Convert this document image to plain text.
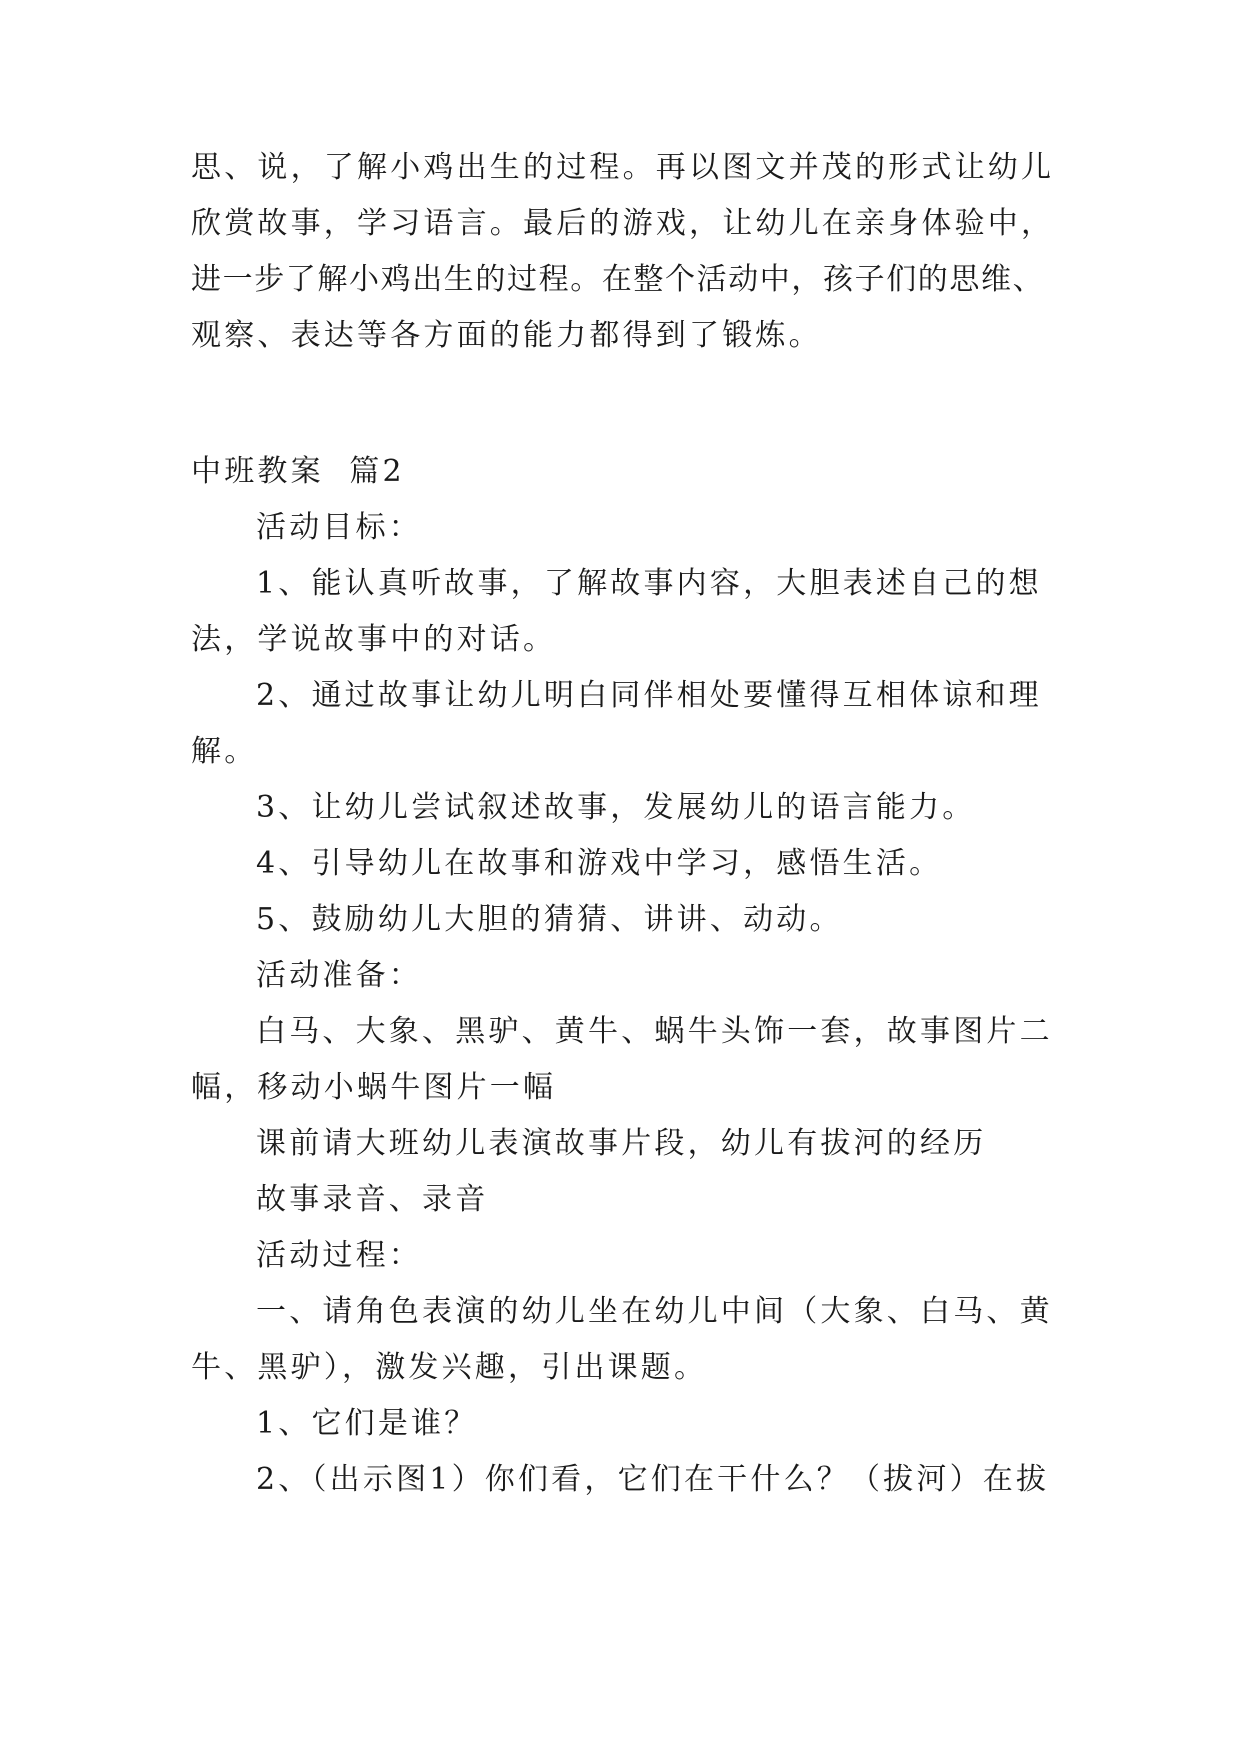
思、说，了解小鸡出生的过程。再以图文并茂的形式让幼儿
欣赏故事，学习语言。最后的游戏，让幼儿在亲身体验中，
进一步了解小鸡出生的过程。在整个活动中，孩子们的思维、
观察、表达等各方面的能力都得到了锻炼。
中班教案  篇2
活动目标：
1、能认真听故事，了解故事内容，大胆表述自己的想
法，学说故事中的对话。
2、通过故事让幼儿明白同伴相处要懂得互相体谅和理
解。
3、让幼儿尝试叙述故事，发展幼儿的语言能力。
4、引导幼儿在故事和游戏中学习，感悟生活。
5、鼓励幼儿大胆的猜猜、讲讲、动动。
活动准备：
白马、大象、黑驴、黄牛、蜗牛头饰一套，故事图片二
幅，移动小蜗牛图片一幅
课前请大班幼儿表演故事片段，幼儿有拔河的经历
故事录音、录音
活动过程：
一、请角色表演的幼儿坐在幼儿中间（大象、白马、黄
牛、黑驴），激发兴趣，引出课题。
1、它们是谁？
2、（出示图1）你们看，它们在干什么？（拔河）在拔
